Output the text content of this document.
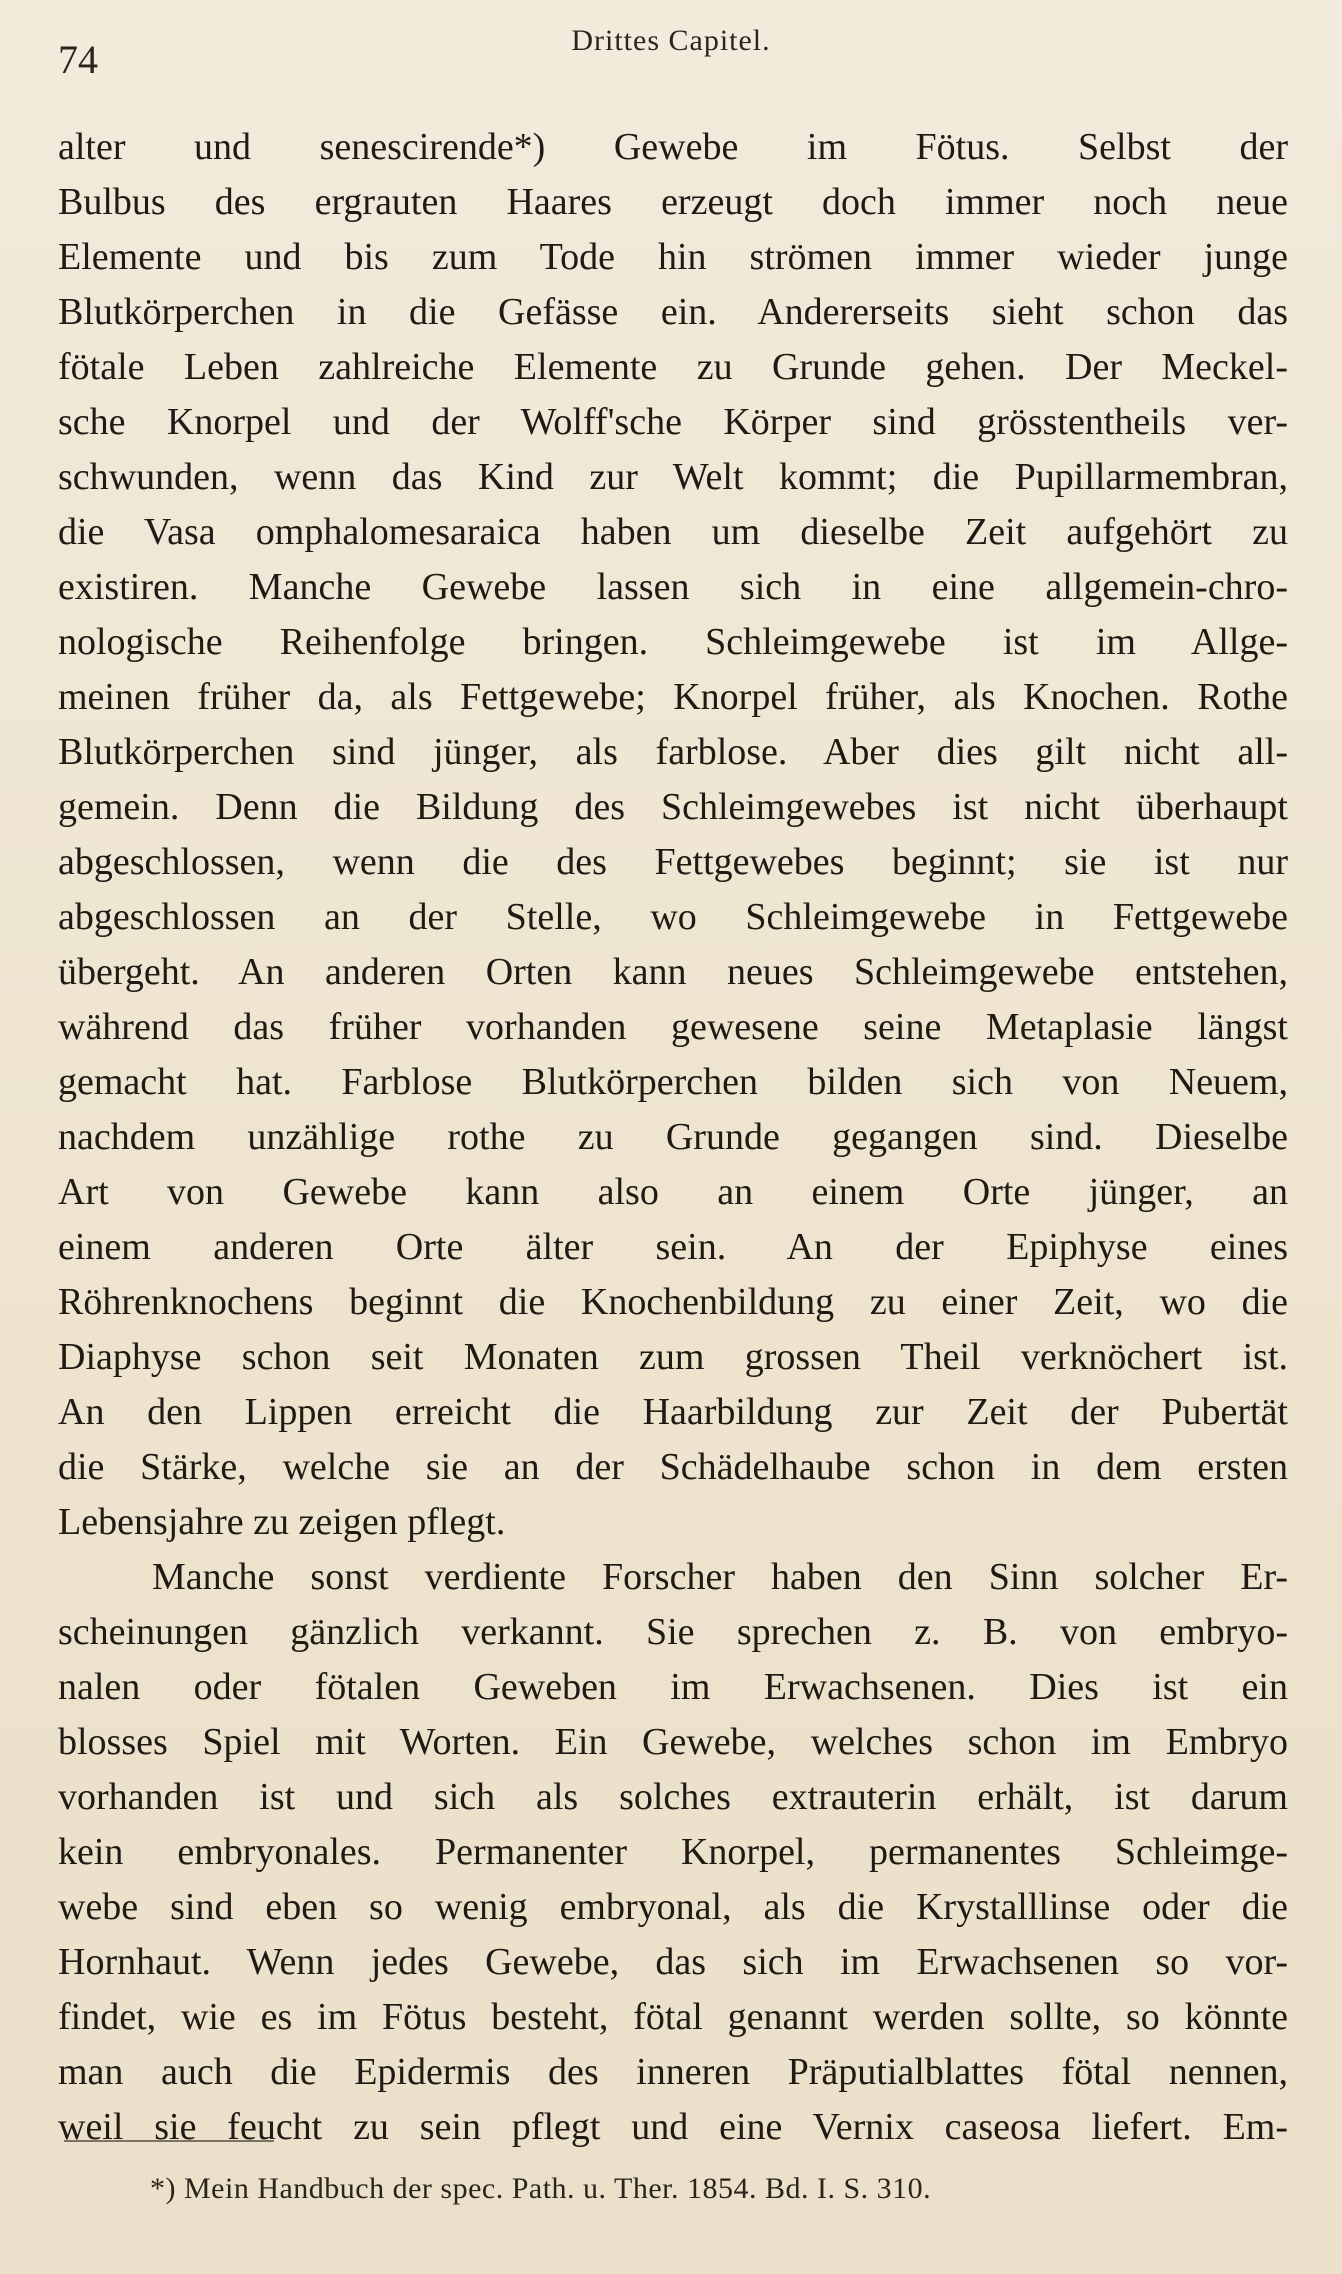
74	Drittes Capitel.
alter und senescirende*) Gewebe im Fötus. Selbst der
Bulbus des ergrauten Haares erzeugt doch immer noch neue
Elemente und bis zum Tode hin strömen immer wieder junge
Blutkörperchen in die Gefässe ein. Andererseits sieht schon das
fötale Leben zahlreiche Elemente zu Grunde gehen. Der Meckel-
sche Knorpel und der Wolff'sche Körper sind grösstentheils ver-
schwunden, wenn das Kind zur Welt kommt; die Pupillarmembran,
die Vasa omphalomesaraica haben um dieselbe Zeit aufgehört zu
existiren. Manche Gewebe lassen sich in eine allgemein-chro-
nologische Reihenfolge bringen. Schleimgewebe ist im Allge-
meinen früher da, als Fettgewebe; Knorpel früher, als Knochen. Rothe
Blutkörperchen sind jünger, als farblose. Aber dies gilt nicht all-
gemein. Denn die Bildung des Schleimgewebes ist nicht überhaupt
abgeschlossen, wenn die des Fettgewebes beginnt; sie ist nur
abgeschlossen an der Stelle, wo Schleimgewebe in Fettgewebe
übergeht. An anderen Orten kann neues Schleimgewebe entstehen,
während das früher vorhanden gewesene seine Metaplasie längst
gemacht hat. Farblose Blutkörperchen bilden sich von Neuem,
nachdem unzählige rothe zu Grunde gegangen sind. Dieselbe
Art von Gewebe kann also an einem Orte jünger, an
einem anderen Orte älter sein. An der Epiphyse eines
Röhrenknochens beginnt die Knochenbildung zu einer Zeit, wo die
Diaphyse schon seit Monaten zum grossen Theil verknöchert ist.
An den Lippen erreicht die Haarbildung zur Zeit der Pubertät
die Stärke, welche sie an der Schädelhaube schon in dem ersten
Lebensjahre zu zeigen pflegt.
Manche sonst verdiente Forscher haben den Sinn solcher Er-
scheinungen gänzlich verkannt. Sie sprechen z. B. von embryo-
nalen oder fötalen Geweben im Erwachsenen. Dies ist ein
blosses Spiel mit Worten. Ein Gewebe, welches schon im Embryo
vorhanden ist und sich als solches extrauterin erhält, ist darum
kein embryonales. Permanenter Knorpel, permanentes Schleimge-
webe sind eben so wenig embryonal, als die Krystalllinse oder die
Hornhaut. Wenn jedes Gewebe, das sich im Erwachsenen so vor-
findet, wie es im Fötus besteht, fötal genannt werden sollte, so könnte
man auch die Epidermis des inneren Präputialblattes fötal nennen,
weil sie feucht zu sein pflegt und eine Vernix caseosa liefert. Em-
*) Mein Handbuch der spec. Path. u. Ther. 1854. Bd. I. S. 310.
